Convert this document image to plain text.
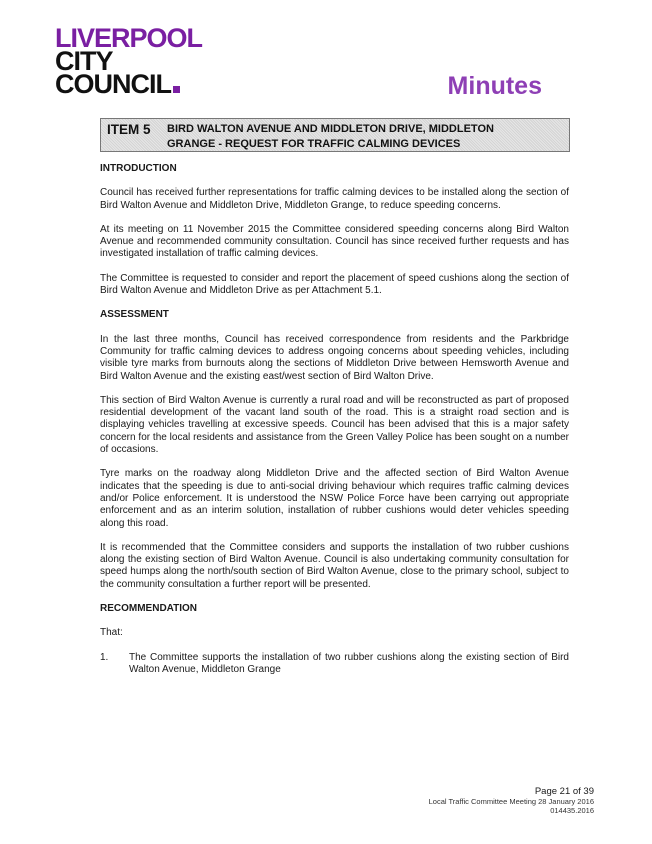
LIVERPOOL
CITY
COUNCIL	Minutes
ITEM 5	BIRD WALTON AVENUE AND MIDDLETON DRIVE, MIDDLETON
GRANGE - REQUEST FOR TRAFFIC CALMING DEVICES
INTRODUCTION

Council has received further representations for traffic calming devices to be installed along the section of Bird Walton Avenue and Middleton Drive, Middleton Grange, to reduce speeding concerns.

At its meeting on 11 November 2015 the Committee considered speeding concerns along Bird Walton Avenue and recommended community consultation. Council has since received further requests and has investigated installation of traffic calming devices.

The Committee is requested to consider and report the placement of speed cushions along the section of Bird Walton Avenue and Middleton Drive as per Attachment 5.1.

ASSESSMENT

In the last three months, Council has received correspondence from residents and the Parkbridge Community for traffic calming devices to address ongoing concerns about speeding vehicles, including visible tyre marks from burnouts along the sections of Middleton Drive between Hemsworth Avenue and Bird Walton Avenue and the existing east/west section of Bird Walton Drive.

This section of Bird Walton Avenue is currently a rural road and will be reconstructed as part of proposed residential development of the vacant land south of the road. This is a straight road section and is displaying vehicles travelling at excessive speeds. Council has been advised that this is a major safety concern for the local residents and assistance from the Green Valley Police has been sought on a number of occasions.

Tyre marks on the roadway along Middleton Drive and the affected section of Bird Walton Avenue indicates that the speeding is due to anti-social driving behaviour which requires traffic calming devices and/or Police enforcement. It is understood the NSW Police Force have been carrying out appropriate enforcement and as an interim solution, installation of rubber cushions would deter vehicles speeding along this road.

It is recommended that the Committee considers and supports the installation of two rubber cushions along the existing section of Bird Walton Avenue. Council is also undertaking community consultation for speed humps along the north/south section of Bird Walton Avenue, close to the primary school, subject to the community consultation a further report will be presented.

RECOMMENDATION

That:

1.	The Committee supports the installation of two rubber cushions along the existing section of Bird Walton Avenue, Middleton Grange
Page 21 of 39
Local Traffic Committee Meeting 28 January 2016
014435.2016
